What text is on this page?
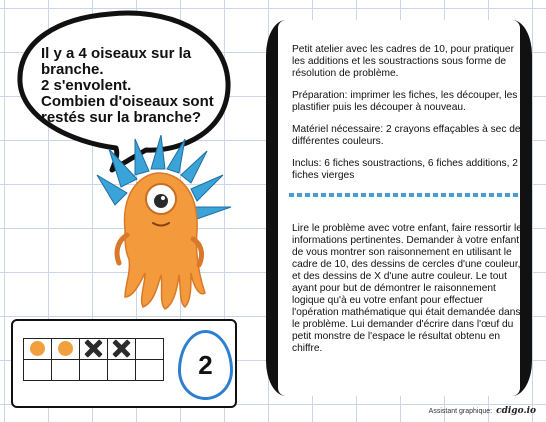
Il y a 4 oiseaux sur la
branche.
2 s'envolent.
Combien d'oiseaux sont
restés sur la branche?

2

Petit atelier avec les cadres de 10, pour pratiquer les additions et les soustractions sous forme de résolution de problème.

Préparation: imprimer les fiches, les découper, les plastifier puis les découper à nouveau.

Matériel nécessaire: 2 crayons effaçables à sec de différentes couleurs.

Inclus: 6 fiches soustractions, 6 fiches additions, 2 fiches vierges

Lire le problème avec votre enfant, faire ressortir les informations pertinentes. Demander à votre enfant de vous montrer son raisonnement en utilisant le cadre de 10, des dessins de cercles d'une couleur, et des dessins de X d'une autre couleur. Le tout ayant pour but de démontrer le raisonnement logique qu'à eu votre enfant pour effectuer l'opération mathématique qui était demandée dans le problème. Lui demander d'écrire dans l'œuf du petit monstre de l'espace le résultat obtenu en chiffre.

Assistant graphique: cdigo.io
